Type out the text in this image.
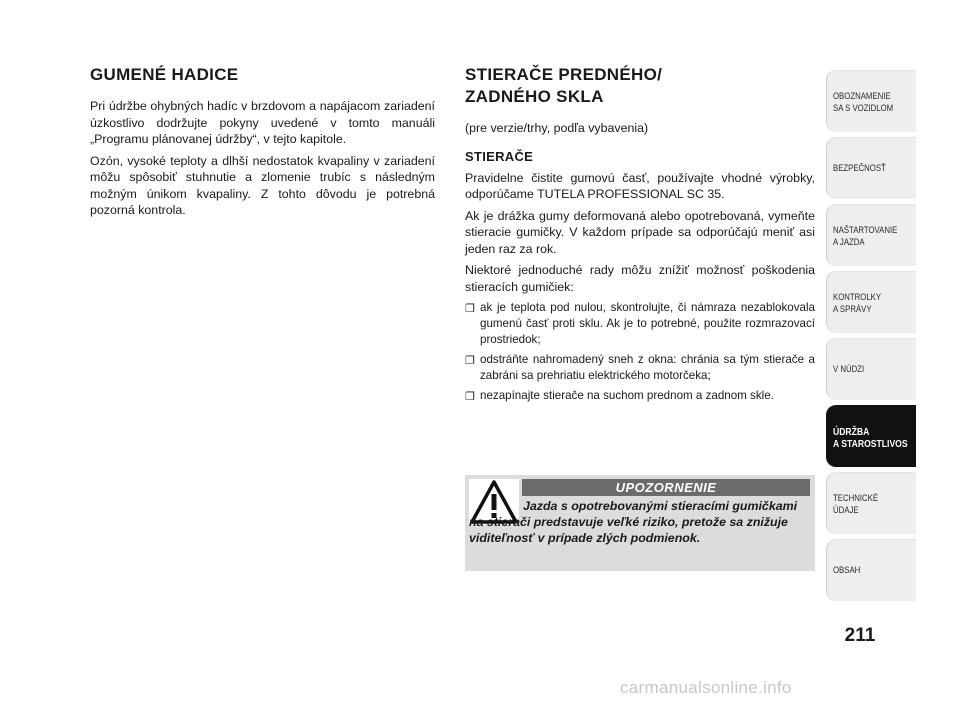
GUMENÉ HADICE

Pri údržbe ohybných hadíc v brzdovom a napájacom zariadení úzkostlivo dodržujte pokyny uvedené v tomto manuáli „Programu plánovanej údržby“, v tejto kapitole.

Ozón, vysoké teploty a dlhší nedostatok kvapaliny v zariadení môžu spôsobiť stuhnutie a zlomenie trubíc s následným možným únikom kvapaliny. Z tohto dôvodu je potrebná pozorná kontrola.

STIERAČE PREDNÉHO/
ZADNÉHO SKLA

(pre verzie/trhy, podľa vybavenia)

STIERAČE

Pravidelne čistite gumovú časť, používajte vhodné výrobky, odporúčame TUTELA PROFESSIONAL SC 35.

Ak je drážka gumy deformovaná alebo opotrebovaná, vymeňte stieracie gumičky. V každom prípade sa odporúčajú meniť asi jeden raz za rok.

Niektoré jednoduché rady môžu znížiť možnosť poškodenia stieracích gumičiek:

❐ ak je teplota pod nulou, skontrolujte, či námraza nezablokovala gumenú časť proti sklu. Ak je to potrebné, použite rozmrazovací prostriedok;
❐ odstráňte nahromadený sneh z okna: chránia sa tým stierače a zabráni sa prehriatiu elektrického motorčeka;
❐ nezapínajte stierače na suchom prednom a zadnom skle.
UPOZORNENIE
Jazda s opotrebovanými stieracími gumičkami na stierači predstavuje veľké riziko, pretože sa znižuje viditeľnosť v prípade zlých podmienok.
OBOZNAMENIE
SA S VOZIDLOM
BEZPEČNOSŤ
NAŠTARTOVANIE
A JAZDA
KONTROLKY
A SPRÁVY
V NÚDZI
ÚDRŽBA
A STAROSTLIVOS
TECHNICKÉ
ÚDAJE
OBSAH
211
carmanualsonline.info
